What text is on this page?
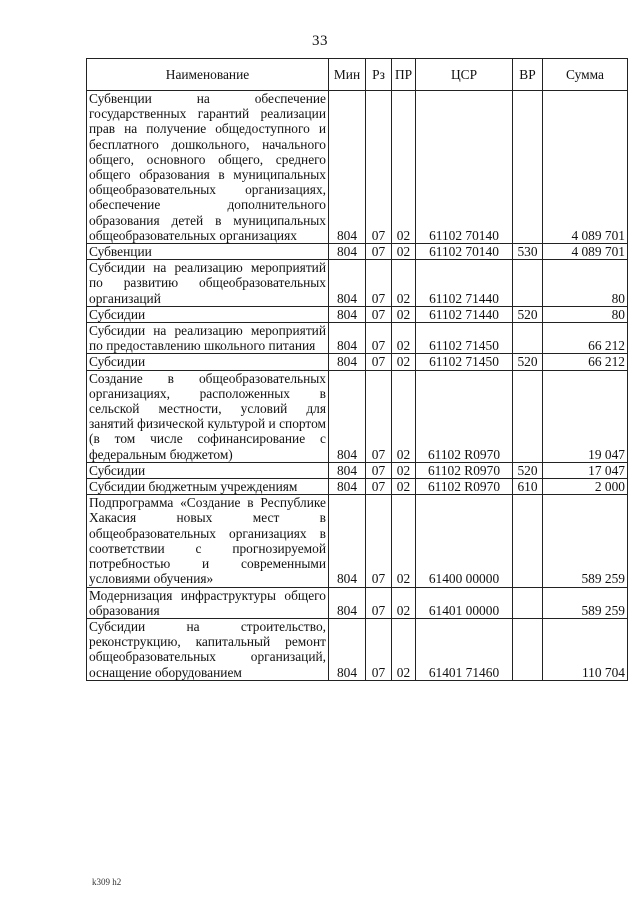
33
Наименование	Мин	Рз	ПР	ЦСР	ВР	Сумма
Субвенции на обеспечение государственных гарантий реализации прав на получение общедоступного и бесплатного дошкольного, начального общего, основного общего, среднего общего образования в муниципальных общеобразовательных организациях, обеспечение дополнительного образования детей в муниципальных общеобразовательных организациях	804	07	02	61102 70140		4 089 701
Субвенции	804	07	02	61102 70140	530	4 089 701
Субсидии на реализацию мероприятий по развитию общеобразовательных организаций	804	07	02	61102 71440		80
Субсидии	804	07	02	61102 71440	520	80
Субсидии на реализацию мероприятий по предоставлению школьного питания	804	07	02	61102 71450		66 212
Субсидии	804	07	02	61102 71450	520	66 212
Создание в общеобразовательных организациях, расположенных в сельской местности, условий для занятий физической культурой и спортом (в том числе софинансирование с федеральным бюджетом)	804	07	02	61102 R0970		19 047
Субсидии	804	07	02	61102 R0970	520	17 047
Субсидии бюджетным учреждениям	804	07	02	61102 R0970	610	2 000
Подпрограмма «Создание в Республике Хакасия новых мест в общеобразовательных организациях в соответствии с прогнозируемой потребностью и современными условиями обучения»	804	07	02	61400 00000		589 259
Модернизация инфраструктуры общего образования	804	07	02	61401 00000		589 259
Субсидии на строительство, реконструкцию, капитальный ремонт общеобразовательных организаций, оснащение оборудованием	804	07	02	61401 71460		110 704
k309 h2
